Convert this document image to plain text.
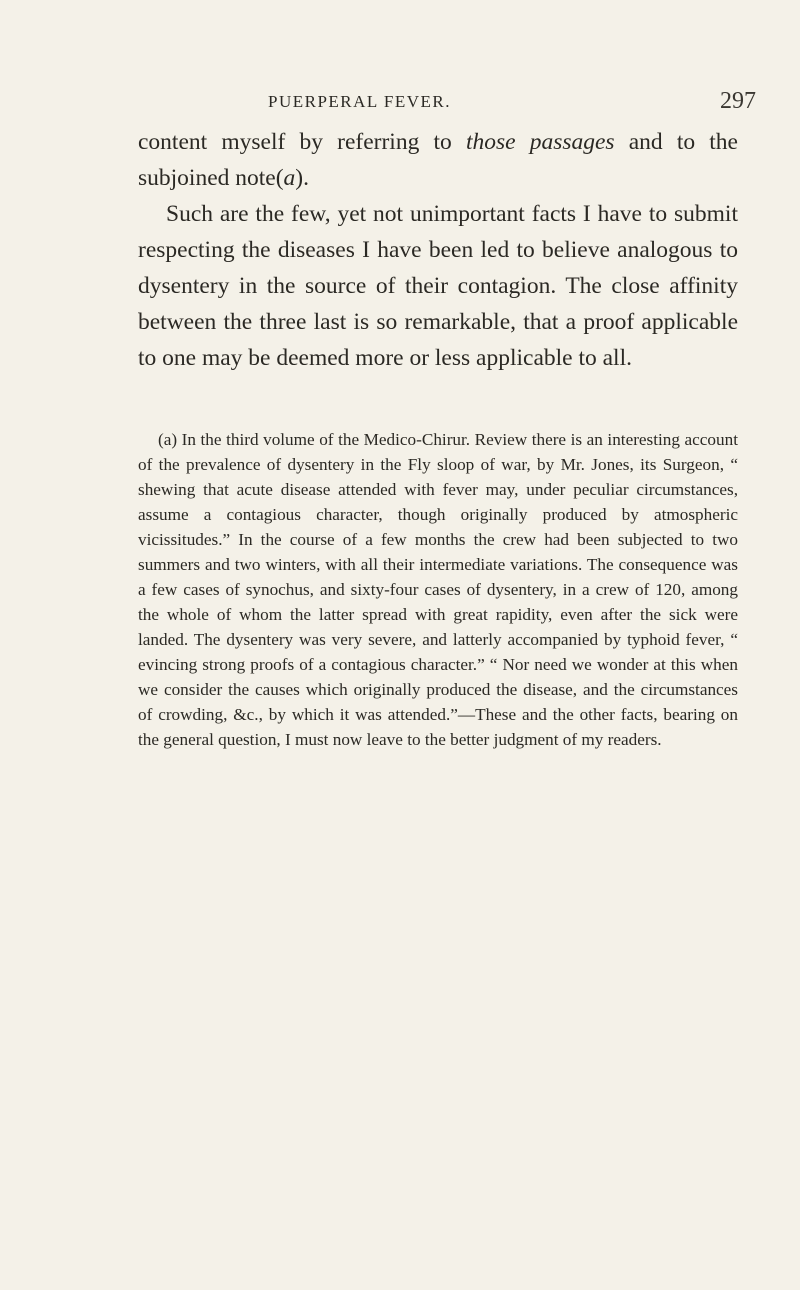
PUERPERAL FEVER.	297

content myself by referring to those passages and to the subjoined note(a).

Such are the few, yet not unimportant facts I have to submit respecting the diseases I have been led to believe analogous to dysentery in the source of their contagion. The close affinity between the three last is so remarkable, that a proof applicable to one may be deemed more or less applicable to all.

(a) In the third volume of the Medico-Chirur. Review there is an interesting account of the prevalence of dysentery in the Fly sloop of war, by Mr. Jones, its Surgeon, “ shewing that acute disease attended with fever may, under peculiar circumstances, assume a contagious character, though originally produced by atmospheric vicissitudes.” In the course of a few months the crew had been subjected to two summers and two winters, with all their intermediate variations. The consequence was a few cases of synochus, and sixty-four cases of dysentery, in a crew of 120, among the whole of whom the latter spread with great rapidity, even after the sick were landed. The dysentery was very severe, and latterly accompanied by typhoid fever, “ evincing strong proofs of a contagious character.” “ Nor need we wonder at this when we consider the causes which originally produced the disease, and the circumstances of crowding, &c., by which it was attended.”—These and the other facts, bearing on the general question, I must now leave to the better judgment of my readers.
